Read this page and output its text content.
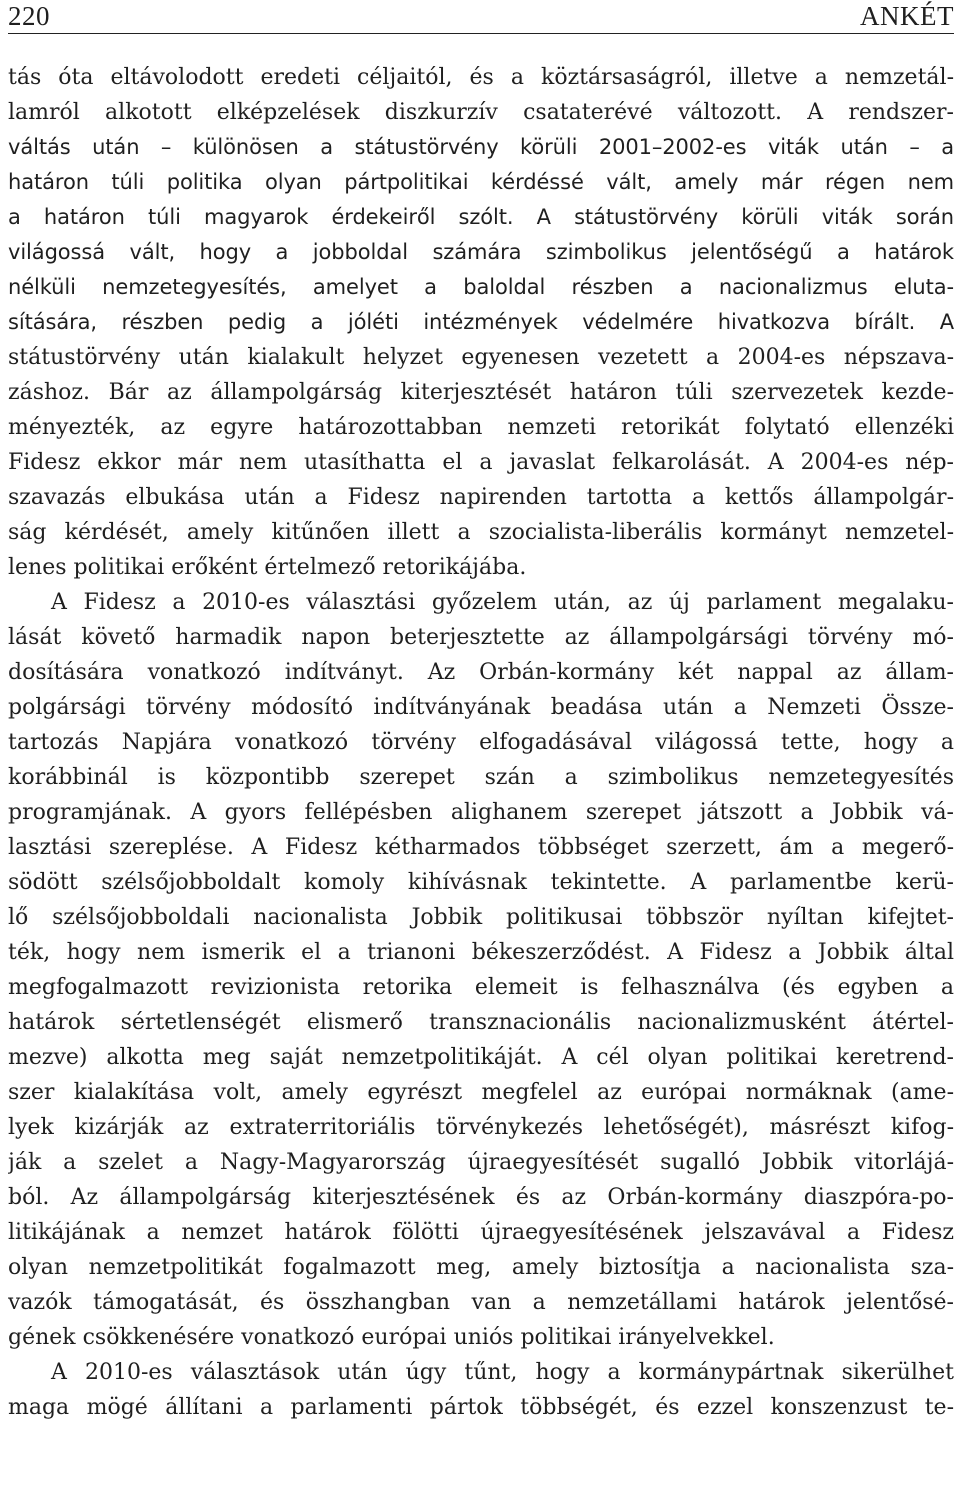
220	ANKÉT
tás óta eltávolodott eredeti céljaitól, és a köztársaságról, illetve a nemzetál-
lamról alkotott elképzelések diszkurzív csataterévé változott. A rendszer-
váltás után – különösen a státustörvény körüli 2001–2002-es viták után – a
határon túli politika olyan pártpolitikai kérdéssé vált, amely már régen nem
a határon túli magyarok érdekeiről szólt. A státustörvény körüli viták során
világossá vált, hogy a jobboldal számára szimbolikus jelentőségű a határok
nélküli nemzetegyesítés, amelyet a baloldal részben a nacionalizmus eluta-
sítására, részben pedig a jóléti intézmények védelmére hivatkozva bírált. A
státustörvény után kialakult helyzet egyenesen vezetett a 2004-es népszava-
záshoz. Bár az állampolgárság kiterjesztését határon túli szervezetek kezde-
ményezték, az egyre határozottabban nemzeti retorikát folytató ellenzéki
Fidesz ekkor már nem utasíthatta el a javaslat felkarolását. A 2004-es nép-
szavazás elbukása után a Fidesz napirenden tartotta a kettős állampolgár-
ság kérdését, amely kitűnően illett a szocialista-liberális kormányt nemzetel-
lenes politikai erőként értelmező retorikájába.
A Fidesz a 2010-es választási győzelem után, az új parlament megalaku-
lását követő harmadik napon beterjesztette az állampolgársági törvény mó-
dosítására vonatkozó indítványt. Az Orbán-kormány két nappal az állam-
polgársági törvény módosító indítványának beadása után a Nemzeti Össze-
tartozás Napjára vonatkozó törvény elfogadásával világossá tette, hogy a
korábbinál is központibb szerepet szán a szimbolikus nemzetegyesítés
programjának. A gyors fellépésben alighanem szerepet játszott a Jobbik vá-
lasztási szereplése. A Fidesz kétharmados többséget szerzett, ám a megerő-
södött szélsőjobboldalt komoly kihívásnak tekintette. A parlamentbe kerü-
lő szélsőjobboldali nacionalista Jobbik politikusai többször nyíltan kifejtet-
ték, hogy nem ismerik el a trianoni békeszerződést. A Fidesz a Jobbik által
megfogalmazott revizionista retorika elemeit is felhasználva (és egyben a
határok sértetlenségét elismerő transznacionális nacionalizmusként átértel-
mezve) alkotta meg saját nemzetpolitikáját. A cél olyan politikai keretrend-
szer kialakítása volt, amely egyrészt megfelel az európai normáknak (ame-
lyek kizárják az extraterritoriális törvénykezés lehetőségét), másrészt kifog-
ják a szelet a Nagy-Magyarország újraegyesítését sugalló Jobbik vitorlájá-
ból. Az állampolgárság kiterjesztésének és az Orbán-kormány diaszpóra-po-
litikájának a nemzet határok fölötti újraegyesítésének jelszavával a Fidesz
olyan nemzetpolitikát fogalmazott meg, amely biztosítja a nacionalista sza-
vazók támogatását, és összhangban van a nemzetállami határok jelentősé-
gének csökkenésére vonatkozó európai uniós politikai irányelvekkel.
A 2010-es választások után úgy tűnt, hogy a kormánypártnak sikerülhet
maga mögé állítani a parlamenti pártok többségét, és ezzel konszenzust te-
